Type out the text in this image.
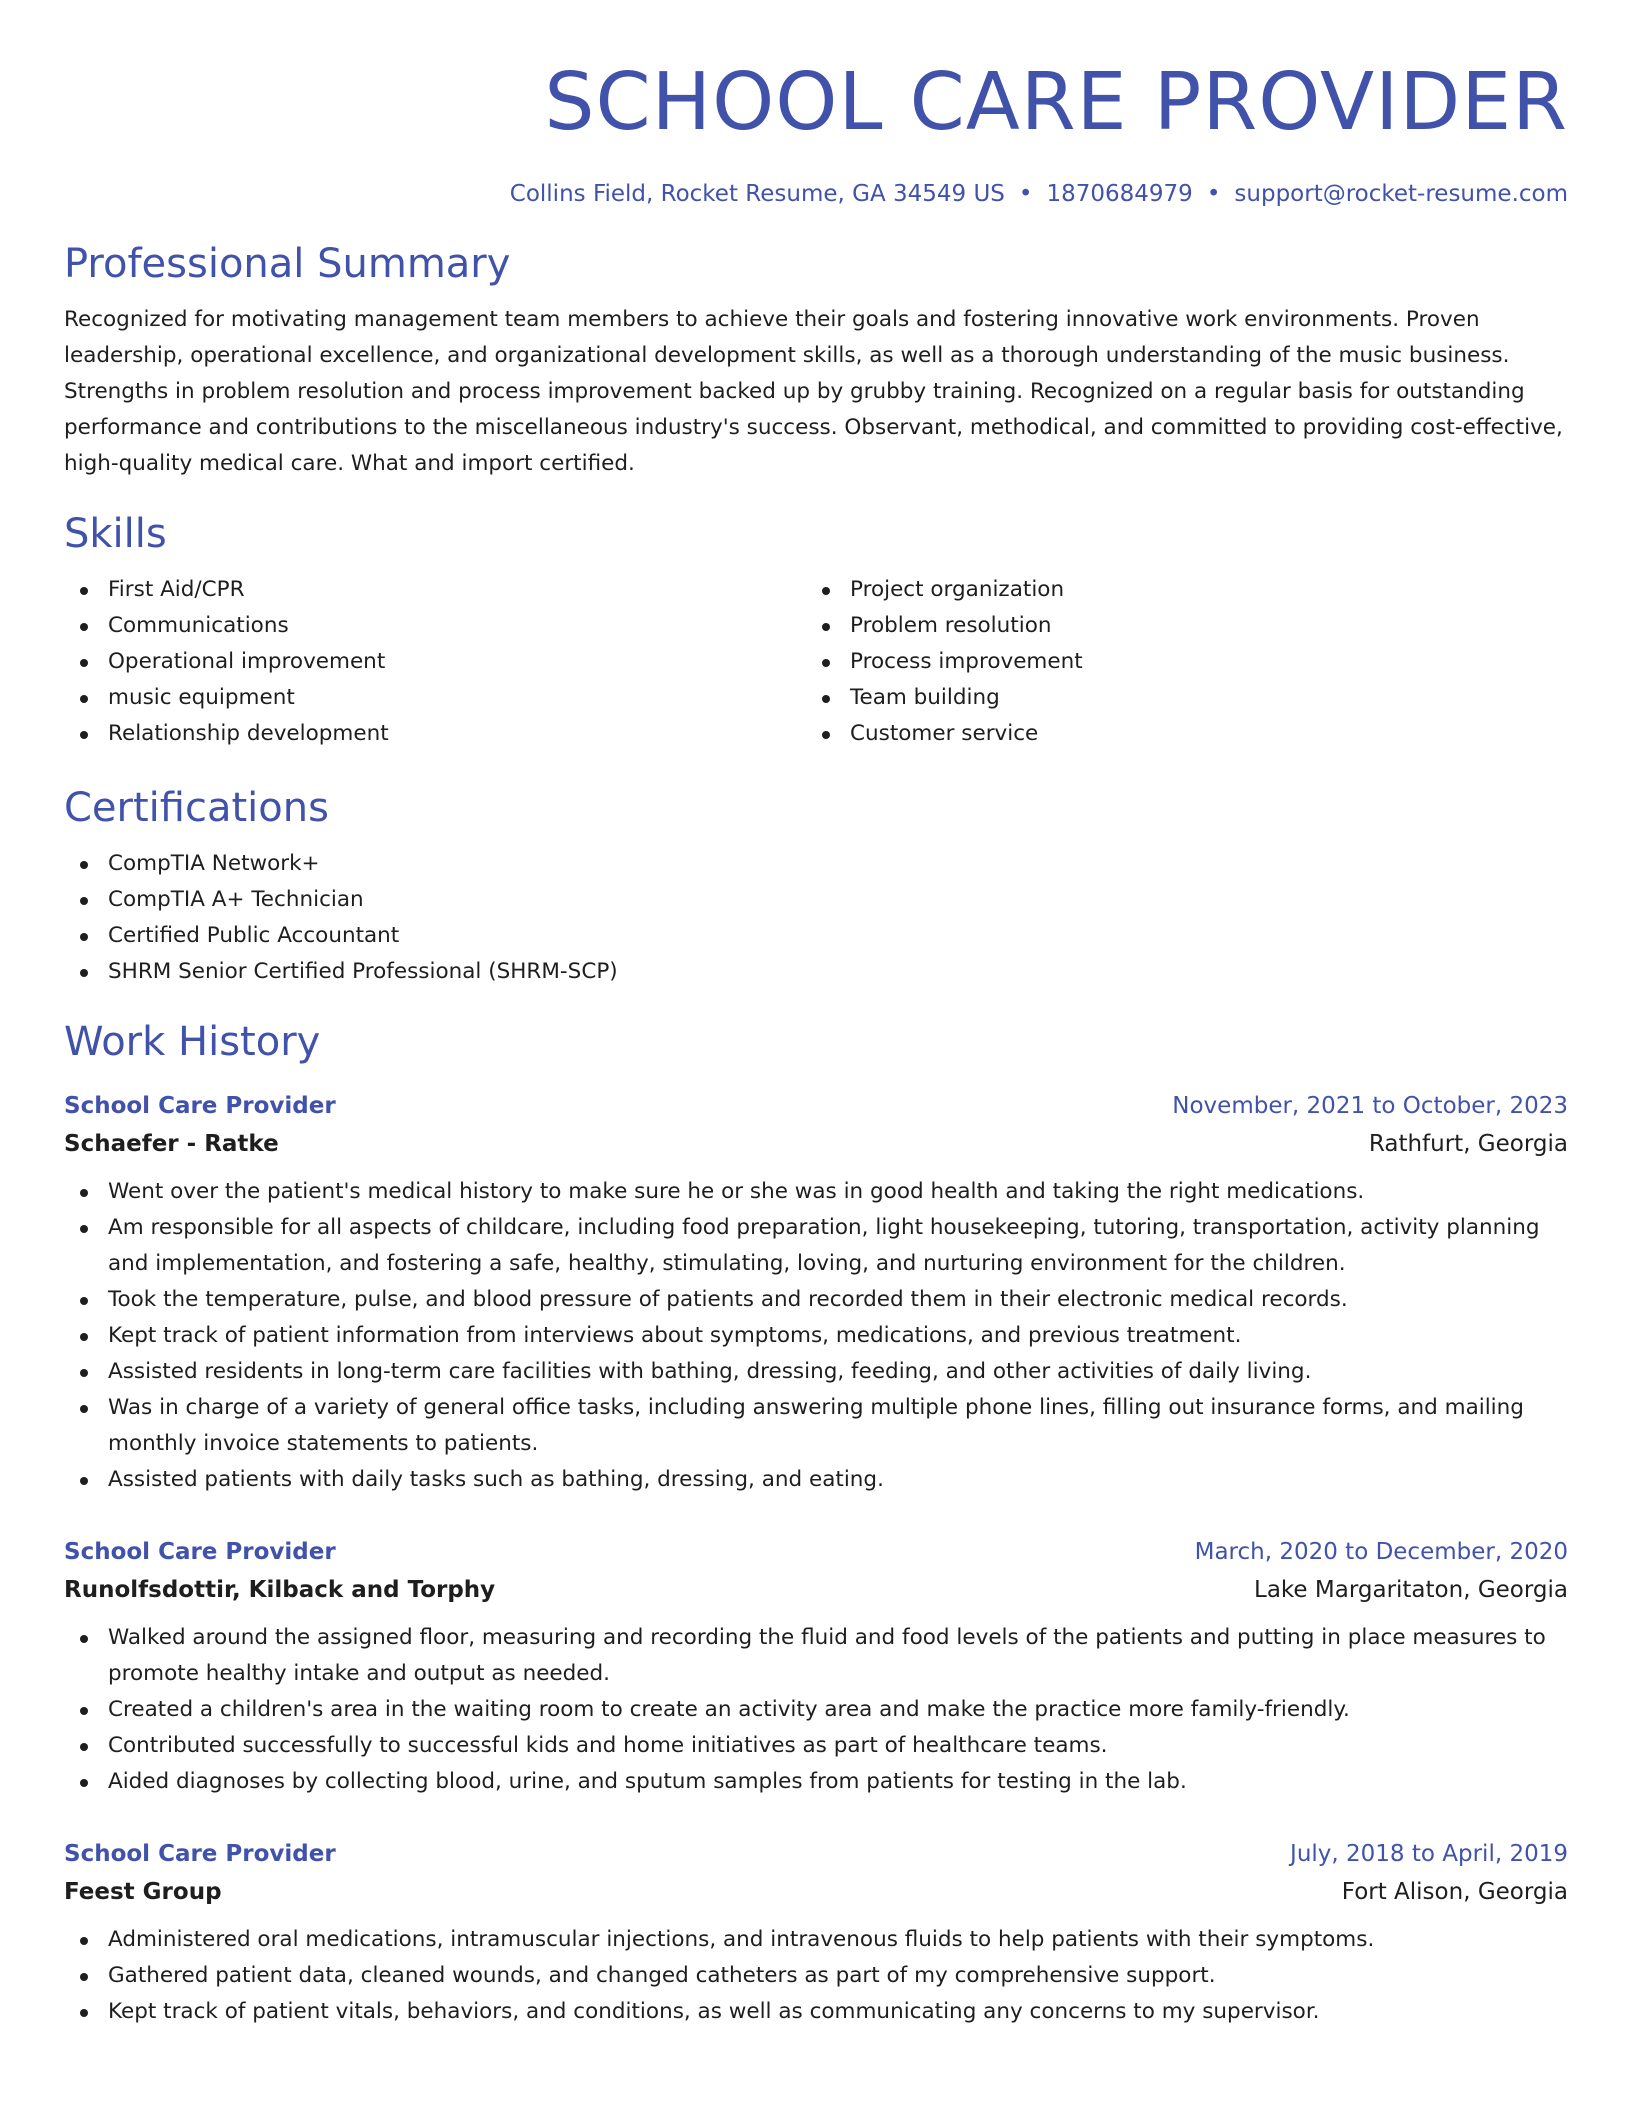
SCHOOL CARE PROVIDER
Collins Field, Rocket Resume, GA 34549 US • 1870684979 • support@rocket-resume.com
Professional Summary

Recognized for motivating management team members to achieve their goals and fostering innovative work environments. Proven leadership, operational excellence, and organizational development skills, as well as a thorough understanding of the music business. Strengths in problem resolution and process improvement backed up by grubby training. Recognized on a regular basis for outstanding performance and contributions to the miscellaneous industry's success. Observant, methodical, and committed to providing cost-effective, high-quality medical care. What and import certified.

Skills
First Aid/CPR
Communications
Operational improvement
music equipment
Relationship development
Project organization
Problem resolution
Process improvement
Team building
Customer service
Certifications
CompTIA Network+
CompTIA A+ Technician
Certified Public Accountant
SHRM Senior Certified Professional (SHRM-SCP)
Work History
School Care Provider	November, 2021 to October, 2023
Schaefer - Ratke	Rathfurt, Georgia
Went over the patient's medical history to make sure he or she was in good health and taking the right medications.
Am responsible for all aspects of childcare, including food preparation, light housekeeping, tutoring, transportation, activity planning and implementation, and fostering a safe, healthy, stimulating, loving, and nurturing environment for the children.
Took the temperature, pulse, and blood pressure of patients and recorded them in their electronic medical records.
Kept track of patient information from interviews about symptoms, medications, and previous treatment.
Assisted residents in long-term care facilities with bathing, dressing, feeding, and other activities of daily living.
Was in charge of a variety of general office tasks, including answering multiple phone lines, filling out insurance forms, and mailing monthly invoice statements to patients.
Assisted patients with daily tasks such as bathing, dressing, and eating.
School Care Provider	March, 2020 to December, 2020
Runolfsdottir, Kilback and Torphy	Lake Margaritaton, Georgia
Walked around the assigned floor, measuring and recording the fluid and food levels of the patients and putting in place measures to promote healthy intake and output as needed.
Created a children's area in the waiting room to create an activity area and make the practice more family-friendly.
Contributed successfully to successful kids and home initiatives as part of healthcare teams.
Aided diagnoses by collecting blood, urine, and sputum samples from patients for testing in the lab.
School Care Provider	July, 2018 to April, 2019
Feest Group	Fort Alison, Georgia
Administered oral medications, intramuscular injections, and intravenous fluids to help patients with their symptoms.
Gathered patient data, cleaned wounds, and changed catheters as part of my comprehensive support.
Kept track of patient vitals, behaviors, and conditions, as well as communicating any concerns to my supervisor.
